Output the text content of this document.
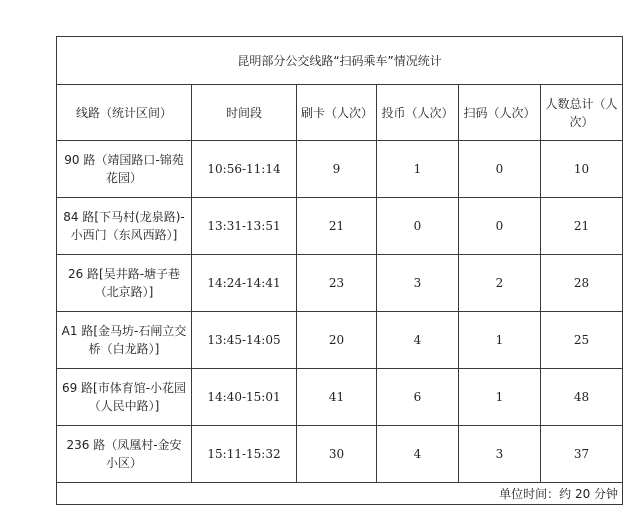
昆明部分公交线路“扫码乘车”情况统计					
线路（统计区间）	时间段	刷卡（人次）	投币（人次）	扫码（人次）	人数总计（人次）
90 路（靖国路口-锦苑花园）	10:56-11:14	9	1	0	10
84 路[下马村(龙泉路)-小西门（东风西路）]	13:31-13:51	21	0	0	21
26 路[吴井路-塘子巷（北京路）]	14:24-14:41	23	3	2	28
A1 路[金马坊-石闸立交桥（白龙路）]	13:45-14:05	20	4	1	25
69 路[市体育馆-小花园（人民中路）]	14:40-15:01	41	6	1	48
236 路（凤凰村-金安小区）	15:11-15:32	30	4	3	37
单位时间：约 20 分钟					
